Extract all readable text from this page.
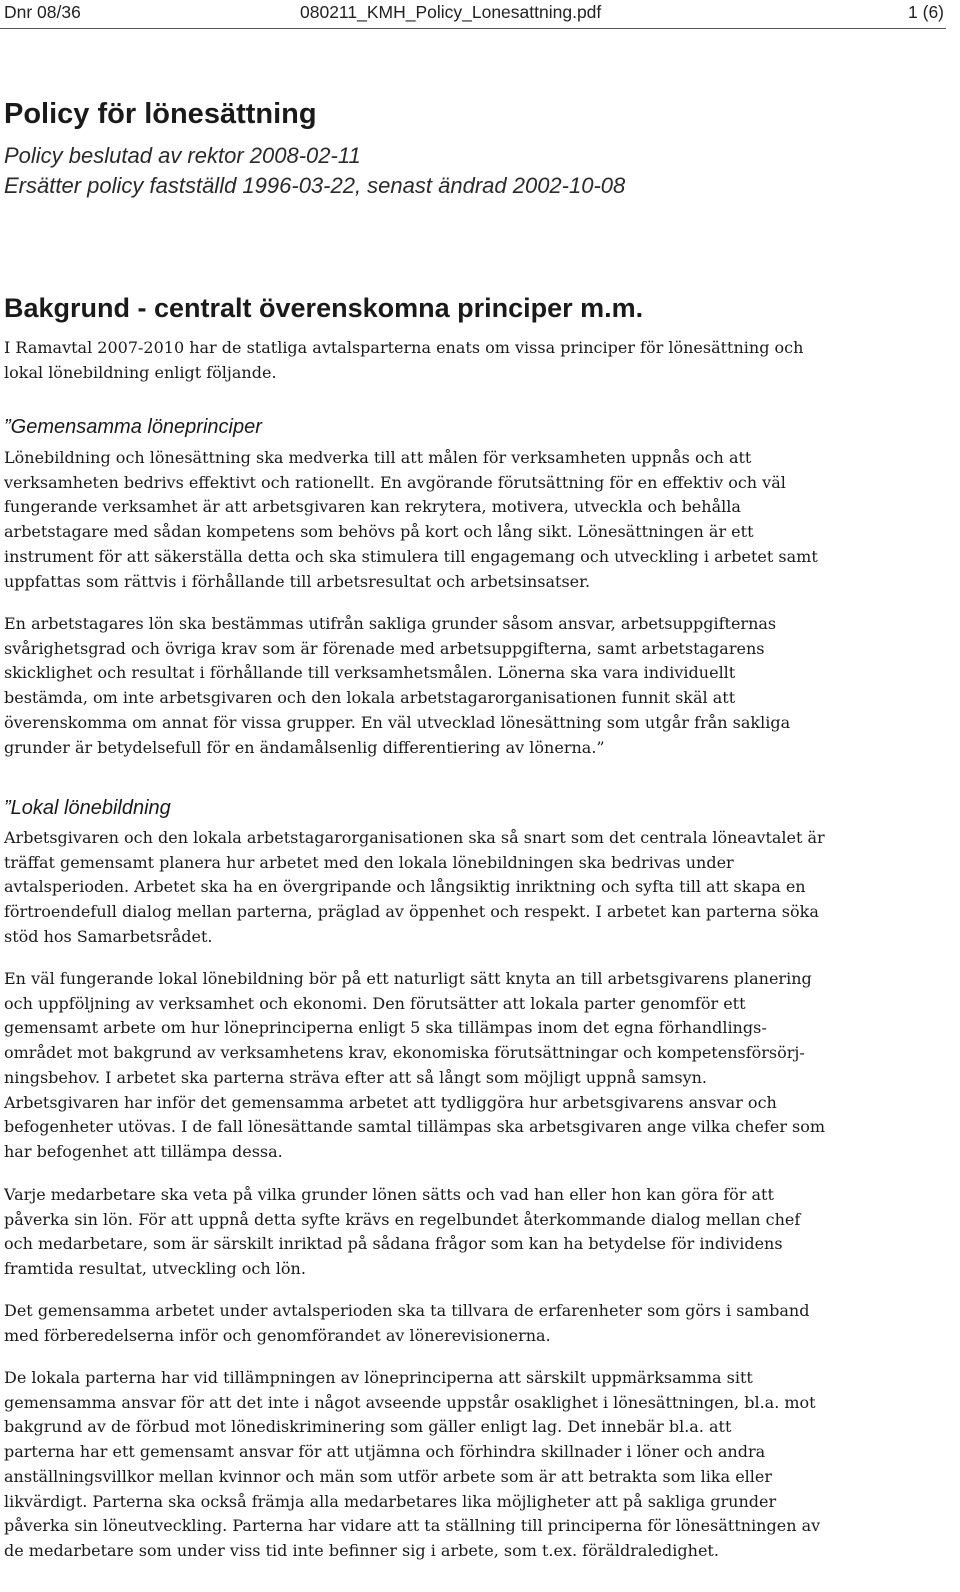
Dnr 08/36	080211_KMH_Policy_Lonesattning.pdf	1 (6)
Policy för lönesättning

Policy beslutad av rektor 2008-02-11

Ersätter policy fastställd 1996-03-22, senast ändrad 2002-10-08

Bakgrund - centralt överenskomna principer m.m.
I Ramavtal 2007-2010 har de statliga avtalsparterna enats om vissa principer för lönesättning och
lokal lönebildning enligt följande.

”Gemensamma löneprinciper

Lönebildning och lönesättning ska medverka till att målen för verksamheten uppnås och att
verksamheten bedrivs effektivt och rationellt. En avgörande förutsättning för en effektiv och väl
fungerande verksamhet är att arbetsgivaren kan rekrytera, motivera, utveckla och behålla
arbetstagare med sådan kompetens som behövs på kort och lång sikt. Lönesättningen är ett
instrument för att säkerställa detta och ska stimulera till engagemang och utveckling i arbetet samt
uppfattas som rättvis i förhållande till arbetsresultat och arbetsinsatser.
En arbetstagares lön ska bestämmas utifrån sakliga grunder såsom ansvar, arbetsuppgifternas
svårighetsgrad och övriga krav som är förenade med arbetsuppgifterna, samt arbetstagarens
skicklighet och resultat i förhållande till verksamhetsmålen. Lönerna ska vara individuellt
bestämda, om inte arbetsgivaren och den lokala arbetstagarorganisationen funnit skäl att
överenskomma om annat för vissa grupper. En väl utvecklad lönesättning som utgår från sakliga
grunder är betydelsefull för en ändamålsenlig differentiering av lönerna.”

”Lokal lönebildning

Arbetsgivaren och den lokala arbetstagarorganisationen ska så snart som det centrala löneavtalet är
träffat gemensamt planera hur arbetet med den lokala lönebildningen ska bedrivas under
avtalsperioden. Arbetet ska ha en övergripande och långsiktig inriktning och syfta till att skapa en
förtroendefull dialog mellan parterna, präglad av öppenhet och respekt. I arbetet kan parterna söka
stöd hos Samarbetsrådet.
En väl fungerande lokal lönebildning bör på ett naturligt sätt knyta an till arbetsgivarens planering
och uppföljning av verksamhet och ekonomi. Den förutsätter att lokala parter genomför ett
gemensamt arbete om hur löneprinciperna enligt 5 ska tillämpas inom det egna förhandlings-
området mot bakgrund av verksamhetens krav, ekonomiska förutsättningar och kompetensförsörj-
ningsbehov. I arbetet ska parterna sträva efter att så långt som möjligt uppnå samsyn.
Arbetsgivaren har inför det gemensamma arbetet att tydliggöra hur arbetsgivarens ansvar och
befogenheter utövas. I de fall lönesättande samtal tillämpas ska arbetsgivaren ange vilka chefer som
har befogenhet att tillämpa dessa.
Varje medarbetare ska veta på vilka grunder lönen sätts och vad han eller hon kan göra för att
påverka sin lön. För att uppnå detta syfte krävs en regelbundet återkommande dialog mellan chef
och medarbetare, som är särskilt inriktad på sådana frågor som kan ha betydelse för individens
framtida resultat, utveckling och lön.
Det gemensamma arbetet under avtalsperioden ska ta tillvara de erfarenheter som görs i samband
med förberedelserna inför och genomförandet av lönerevisionerna.
De lokala parterna har vid tillämpningen av löneprinciperna att särskilt uppmärksamma sitt
gemensamma ansvar för att det inte i något avseende uppstår osaklighet i lönesättningen, bl.a. mot
bakgrund av de förbud mot lönediskriminering som gäller enligt lag. Det innebär bl.a. att
parterna har ett gemensamt ansvar för att utjämna och förhindra skillnader i löner och andra
anställningsvillkor mellan kvinnor och män som utför arbete som är att betrakta som lika eller
likvärdigt. Parterna ska också främja alla medarbetares lika möjligheter att på sakliga grunder
påverka sin löneutveckling. Parterna har vidare att ta ställning till principerna för lönesättningen av
de medarbetare som under viss tid inte befinner sig i arbete, som t.ex. föräldraledighet.
